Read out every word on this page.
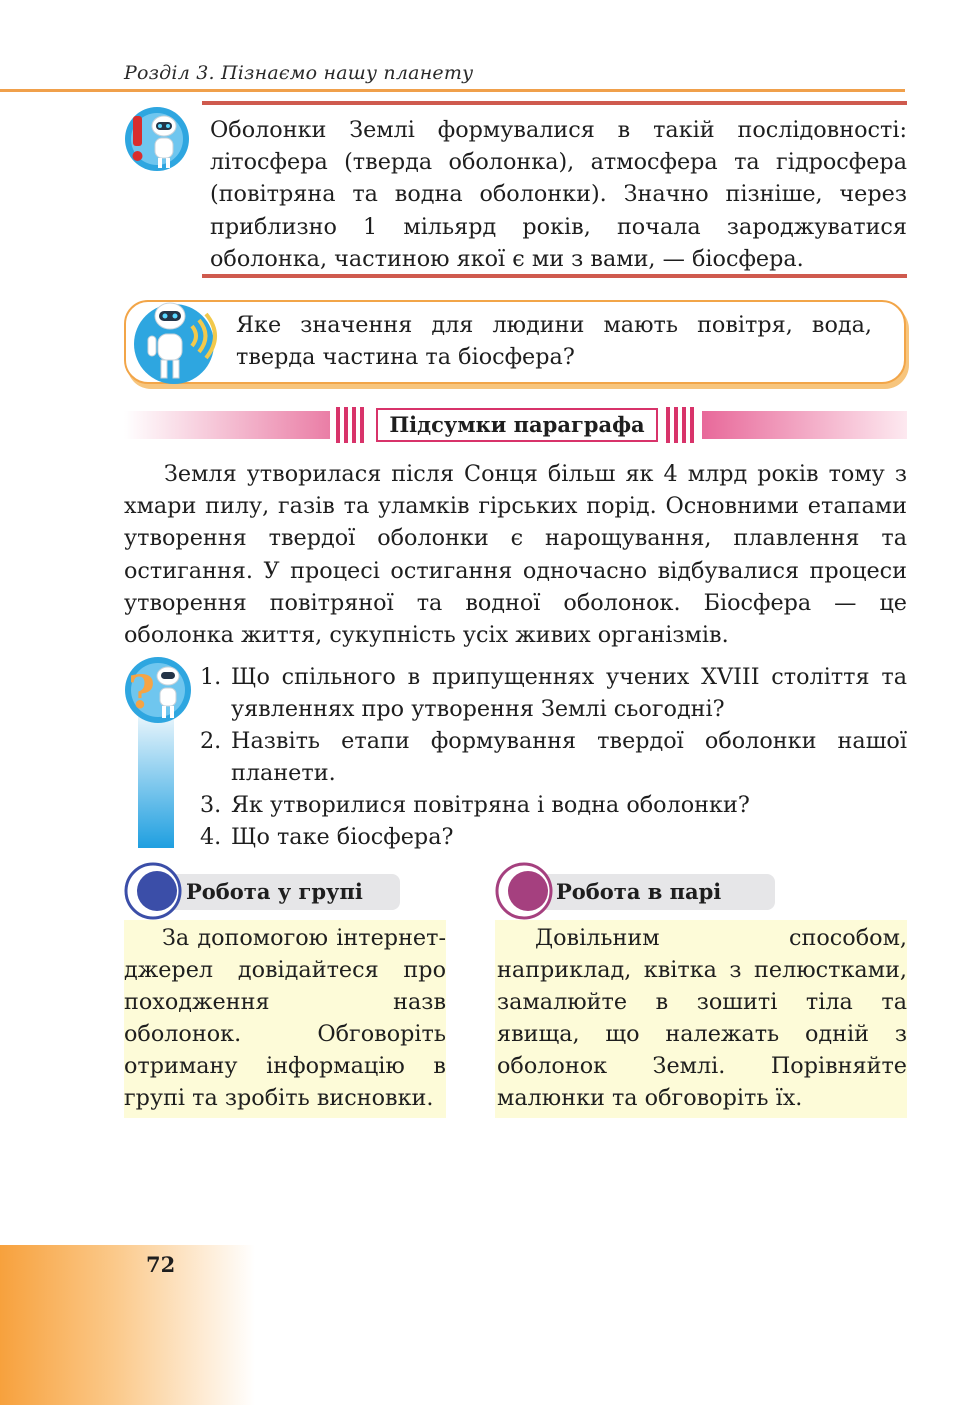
Розділ 3. Пізнаємо нашу планету
Оболонки Землі формувалися в такій послідовності: літосфера (тверда оболонка), атмосфера та гідросфера (повітряна та водна оболонки). Значно пізніше, через приблизно 1 мільярд років, почала зароджуватися оболонка, частиною якої є ми з вами, — біосфера.
Яке значення для людини мають повітря, вода, тверда частина та біосфера?
Підсумки параграфа
Земля утворилася після Сонця більш як 4 млрд років тому з хмари пилу, газів та уламків гірських порід. Основними етапами утворення твердої оболонки є нарощування, плавлення та остигання. У процесі остигання одночасно відбувалися процеси утворення повітряної та водної оболонок. Біосфера — це оболонка життя, сукупність усіх живих організмів.
? 1. Що спільного в припущеннях учених XVIII століття та уявленнях про утворення Землі сьогодні?
2. Назвіть етапи формування твердої оболонки нашої планети.
3. Як утворилися повітряна і водна оболонки?
4. Що таке біосфера?
Робота у групі
За допомогою інтернет-джерел довідайтеся про походження назв оболонок. Обговоріть отриману інформацію в групі та зробіть висновки.
Робота в парі
Довільним способом, наприклад, квітка з пелюстками, замалюйте в зошиті тіла та явища, що належать одній з оболонок Землі. Порівняйте малюнки та обговоріть їх.
72
